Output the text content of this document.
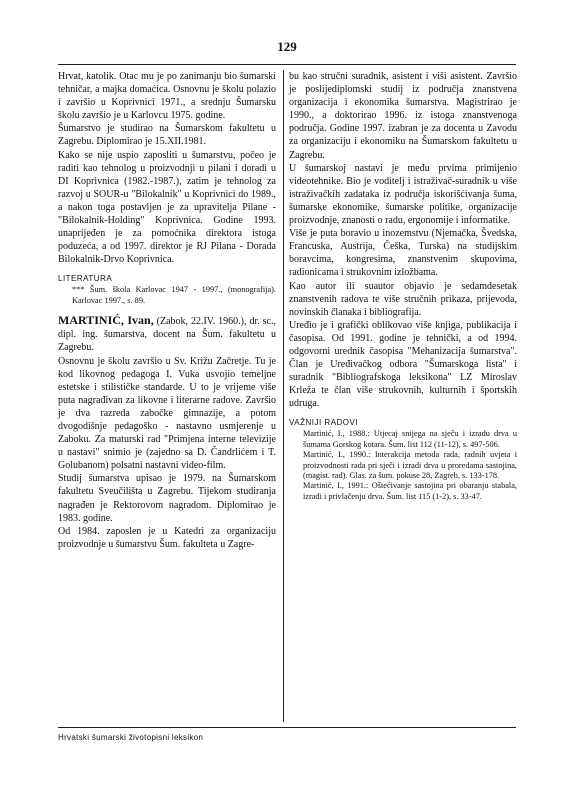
129

Hrvat, katolik. Otac mu je po zanimanju bio šumarski tehničar, a majka domaćica. Osnovnu je školu polazio i završio u Koprivnici 1971., a srednju Šumarsku školu završio je u Karlovcu 1975. godine.

Šumarstvo je studirao na Šumarskom fakultetu u Zagrebu. Diplomirao je 15.XII.1981.

Kako se nije uspio zaposliti u šumarstvu, počeo je raditi kao tehnolog u proizvodnji u pilani i doradi u DI Koprivnica (1982.-1987.), zatim je tehnolog za razvoj u SOUR-u "Bilokalnik" u Koprivnici do 1989., a nakon toga postavljen je za upravitelja Pilane - "Bilokalnik-Holding" Koprivnica. Godine 1993. unaprijeđen je za pomoćnika direktora istoga poduzeća, a od 1997. direktor je RJ Pilana - Dorada Bilokalnik-Drvo Koprivnica.

LITERATURA

*** Šum. škola Karlovac 1947 - 1997., (monografija). Karlovac 1997., s. 89.

MARTINIĆ, Ivan, (Zabok, 22.IV. 1960.), dr. sc., dipl. ing. šumarstva, docent na Šum. fakultetu u Zagrebu.

Osnovnu je školu završio u Sv. Križu Začretje. Tu je kod likovnog pedagoga I. Vuka usvojio temeljne estetske i stilističke standarde. U to je vrijeme više puta nagrađivan za likovne i literarne radove. Završio je dva razreda zabočke gimnazije, a potom dvogodišnje pedagoško - nastavno usmjerenje u Zaboku. Za maturski rad "Primjena interne televizije u nastavi" snimio je (zajedno sa D. Čandrlićem i T. Golubanom) polsatni nastavni video-film.

Studij šumarstva upisao je 1979. na Šumarskom fakultetu Sveučilišta u Zagrebu. Tijekom studiranja nagrađen je Rektorovom nagradom. Diplomirao je 1983. godine.

Od 1984. zaposlen je u Katedri za organizaciju proizvodnje u šumarstvu Šum. fakulteta u Zagre-

bu kao stručni suradnik, asistent i viši asistent. Završio je poslijediplomski studij iz područja znanstvena organizacija i ekonomika šumarstva. Magistrirao je 1990., a doktorirao 1996. iz istoga znanstvenoga područja. Godine 1997. izabran je za docenta u Zavodu za organizaciju i ekonomiku na Šumarskom fakultetu u Zagrebu.

U šumarskoj nastavi je među prvima primijenio videotehnike. Bio je voditelj i istraživač-suradnik u više istraživačkih zadataka iz područja iskorišćivanja šuma, šumarske ekonomike, šumarske politike, organizacije proizvodnje, znanosti o radu, ergonomije i informatike.

Više je puta boravio u inozemstvu (Njemačka, Švedska, Francuska, Austrija, Češka, Turska) na studijskim boravcima, kongresima, znanstvenim skupovima, radionicama i strukovnim izložbama.

Kao autor ili suautor objavio je sedamdesetak znanstvenih radova te više stručnih prikaza, prijevoda, novinskih članaka i bibliografija.

Uređio je i grafički oblikovao više knjiga, publikacija i časopisa. Od 1991. godine je tehnički, a od 1994. odgovorni urednik časopisa "Mehanizacija šumarstva". Član je Uređivačkog odbora "Šumarskoga lista" i suradnik "Bibliografskoga leksikona" LZ Miroslav Krleža te član više strukovnih, kulturnih i športskih udruga.

VAŽNIJI RADOVI

Martinić, I., 1988.: Utjecaj snijega na sječu i izradu drva u šumama Gorskog kotara. Šum. list 112 (11-12), s. 497-506.

Martinić, I., 1990.: Interakcija metoda rada, radnih uvjeta i proizvodnosti rada pri sječi i izradi drva u proredama sastojina, (magist. rad). Glas. za šum. pokuse 28, Zagreb, s. 133-178.

Martinić, I., 1991.: Oštećivanje sastojina pri obaranju stabala, izradi i privlačenju drva. Šum. list 115 (1-2), s. 33-47.

Hrvatski šumarski životopisni leksikon
